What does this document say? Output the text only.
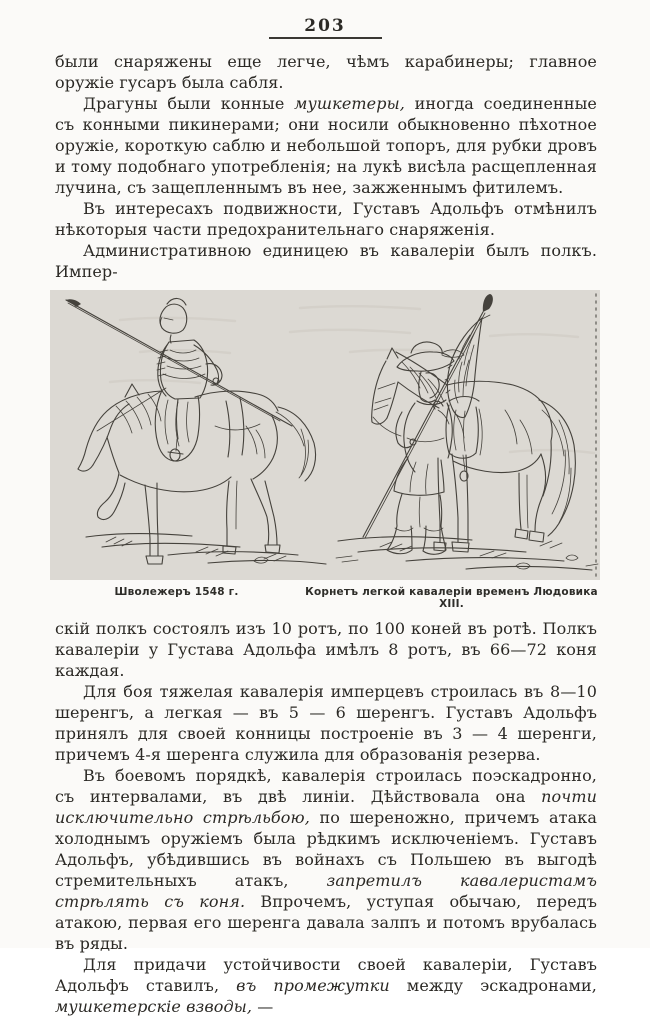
203

были снаряжены еще легче, чѣмъ карабинеры; главное оружіе гусаръ была сабля.

Драгуны были конные мушкетеры, иногда соединенные съ конными пикинерами; они носили обыкновенно пѣхотное оружіе, короткую саблю и небольшой топоръ, для рубки дровъ и тому подобнаго употребленія; на лукѣ висѣла расщепленная лучина, съ защепленнымъ въ нее, зажженнымъ фитилемъ.

Въ интересахъ подвижности, Густавъ Адольфъ отмѣнилъ нѣкоторыя части предохранительнаго снаряженія.

Административною единицею въ кавалеріи былъ полкъ. Импер-

Шволежеръ 1548 г.	Корнетъ легкой кавалеріи временъ Людовика XIII.

скій полкъ состоялъ изъ 10 ротъ, по 100 коней въ ротѣ. Полкъ кавалеріи у Густава Адольфа имѣлъ 8 ротъ, въ 66—72 коня каждая.

Для боя тяжелая кавалерія имперцевъ строилась въ 8—10 шеренгъ, а легкая — въ 5 — 6 шеренгъ. Густавъ Адольфъ принялъ для своей конницы построеніе въ 3 — 4 шеренги, причемъ 4-я шеренга служила для образованія резерва.

Въ боевомъ порядкѣ, кавалерія строилась поэскадронно, съ интервалами, въ двѣ линіи. Дѣйствовала она почти исключительно стрѣльбою, по шереножно, причемъ атака холоднымъ оружіемъ была рѣдкимъ исключеніемъ. Густавъ Адольфъ, убѣдившись въ войнахъ съ Польшею въ выгодѣ стремительныхъ атакъ, запретилъ кавалеристамъ стрѣлять съ коня. Впрочемъ, уступая обычаю, передъ атакою, первая его шеренга давала залпъ и потомъ врубалась въ ряды.

Для придачи устойчивости своей кавалеріи, Густавъ Адольфъ ставилъ, въ промежутки между эскадронами, мушкетерскіе взводы, —
